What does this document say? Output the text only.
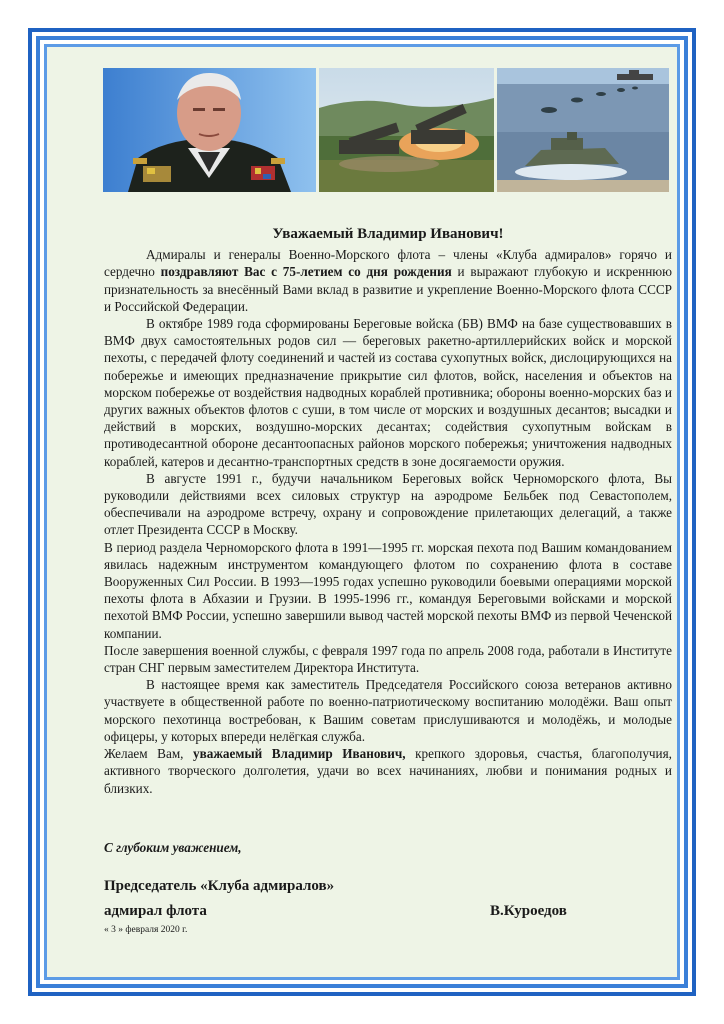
Уважаемый Владимир Иванович!

Адмиралы и генералы Военно-Морского флота – члены «Клуба адмиралов» горячо и сердечно поздравляют Вас с 75-летием со дня рождения и выражают глубокую и искреннюю признательность за внесённый Вами вклад в развитие и укрепление Военно-Морского флота СССР и Российской Федерации.

В октябре 1989 года сформированы Береговые войска (БВ) ВМФ на базе существовавших в ВМФ двух самостоятельных родов сил — береговых ракетно-артиллерийских войск и морской пехоты, с передачей флоту соединений и частей из состава сухопутных войск, дислоцирующихся на побережье и имеющих предназначение прикрытие сил флотов, войск, населения и объектов на морском побережье от воздействия надводных кораблей противника; обороны военно-морских баз и других важных объектов флотов с суши, в том числе от морских и воздушных десантов; высадки и действий в морских, воздушно-морских десантах; содействия сухопутным войскам в противодесантной обороне десантоопасных районов морского побережья; уничтожения надводных кораблей, катеров и десантно-транспортных средств в зоне досягаемости оружия.

В августе 1991 г., будучи начальником Береговых войск Черноморского флота, Вы руководили действиями всех силовых структур на аэродроме Бельбек под Севастополем, обеспечивали на аэродроме встречу, охрану и сопровождение прилетающих делегаций, а также отлет Президента СССР в Москву.

В период раздела Черноморского флота в 1991—1995 гг. морская пехота под Вашим командованием явилась надежным инструментом командующего флотом по сохранению флота в составе Вооруженных Сил России. В 1993—1995 годах успешно руководили боевыми операциями морской пехоты флота в Абхазии и Грузии. В 1995-1996 гг., командуя Береговыми войсками и морской пехотой ВМФ России, успешно завершили вывод частей морской пехоты ВМФ из первой Чеченской компании.

После завершения военной службы, с февраля 1997 года по апрель 2008 года, работали в Институте стран СНГ первым заместителем Директора Института.

В настоящее время как заместитель Председателя Российского союза ветеранов активно участвуете в общественной работе по военно-патриотическому воспитанию молодёжи. Ваш опыт морского пехотинца востребован, к Вашим советам прислушиваются и молодёжь, и молодые офицеры, у которых впереди нелёгкая служба.

Желаем Вам, уважаемый Владимир Иванович, крепкого здоровья, счастья, благополучия, активного творческого долголетия, удачи во всех начинаниях, любви и понимания родных и близких.

С глубоким уважением,
Председатель «Клуба адмиралов»
адмирал флота	В.Куроедов
« 3 » февраля 2020 г.
